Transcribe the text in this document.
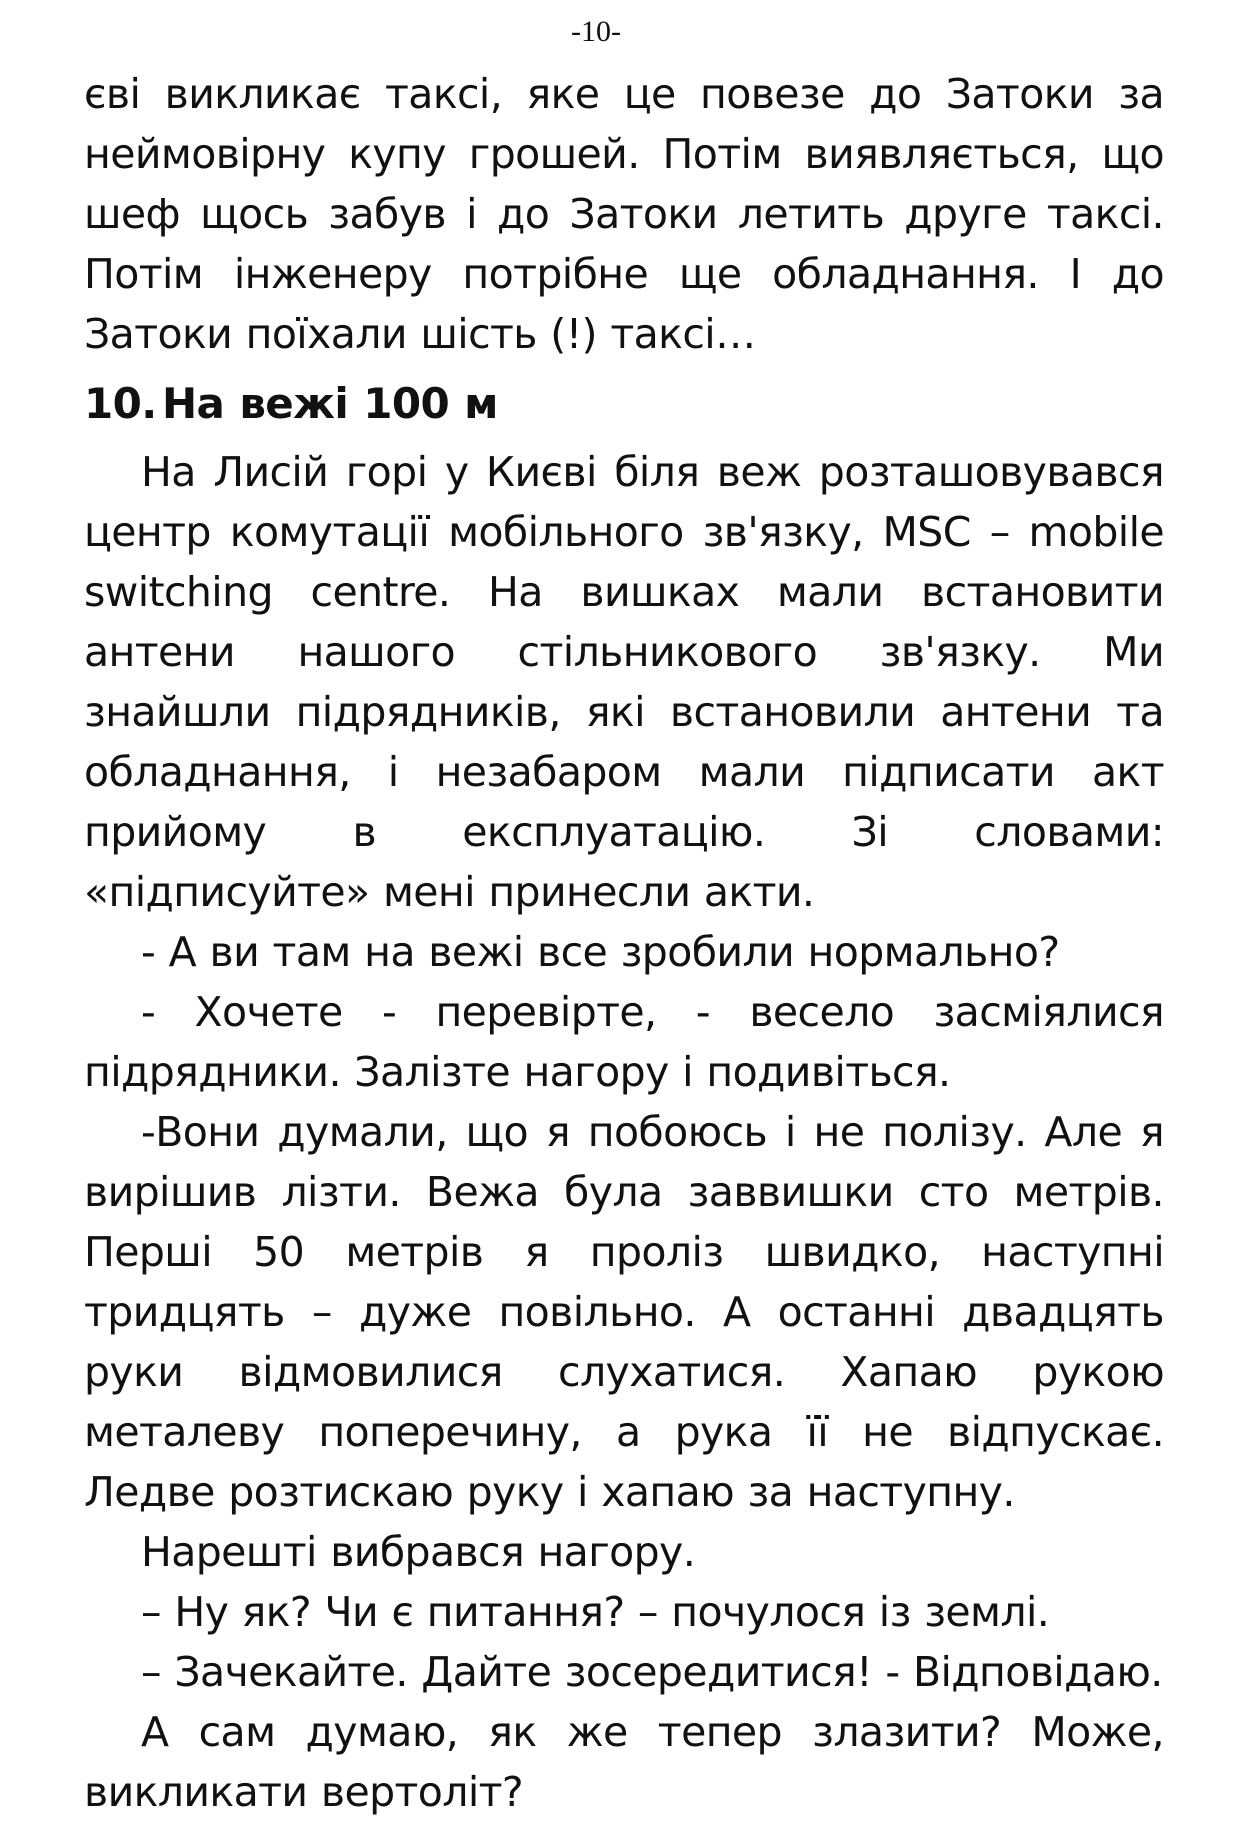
-10-

єві викликає таксі, яке це повезе до Затоки за неймовірну купу грошей. Потім виявляється, що шеф щось забув і до Затоки летить друге таксі. Потім інженеру потрібне ще обладнання. І до Затоки поїхали шість (!) таксі…

10. На вежі 100 м

На Лисій горі у Києві біля веж розташовувався центр комутації мобільного зв'язку, MSC – mobile switching centre. На вишках мали встановити антени нашого стільникового зв'язку. Ми знайшли підрядників, які встановили антени та обладнання, і незабаром мали підписати акт прийому в експлуатацію. Зі словами: «підписуйте» мені принесли акти.

- А ви там на вежі все зробили нормально?

- Хочете - перевірте, - весело засміялися підрядники. Залізте нагору і подивіться.

-Вони думали, що я побоюсь і не полізу. Але я вирішив лізти. Вежа була заввишки сто метрів. Перші 50 метрів я проліз швидко, наступні тридцять – дуже повільно. А останні двадцять руки відмовилися слухатися. Хапаю рукою металеву поперечину, а рука її не відпускає. Ледве розтискаю руку і хапаю за наступну.

Нарешті вибрався нагору.

– Ну як? Чи є питання? – почулося із землі.

– Зачекайте. Дайте зосередитися! - Відповідаю.

А сам думаю, як же тепер злазити? Може, викликати вертоліт?
